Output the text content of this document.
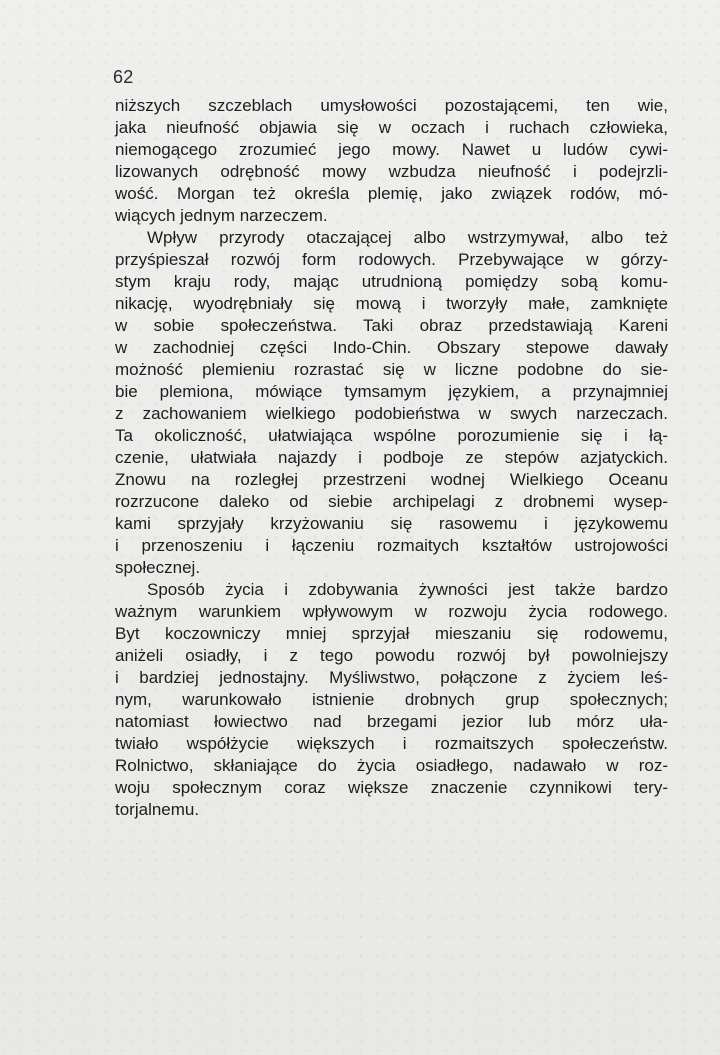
62
niższych szczeblach umysłowości pozostającemi, ten wie,
jaka nieufność objawia się w oczach i ruchach człowieka,
niemogącego zrozumieć jego mowy. Nawet u ludów cywi-
lizowanych odrębność mowy wzbudza nieufność i podejrzli-
wość. Morgan też określa plemię, jako związek rodów, mó-
wiących jednym narzeczem.
Wpływ przyrody otaczającej albo wstrzymywał, albo też
przyśpieszał rozwój form rodowych. Przebywające w górzy-
stym kraju rody, mając utrudnioną pomiędzy sobą komu-
nikację, wyodrębniały się mową i tworzyły małe, zamknięte
w sobie społeczeństwa. Taki obraz przedstawiają Kareni
w zachodniej części Indo-Chin. Obszary stepowe dawały
możność plemieniu rozrastać się w liczne podobne do sie-
bie plemiona, mówiące tymsamym językiem, a przynajmniej
z zachowaniem wielkiego podobieństwa w swych narzeczach.
Ta okoliczność, ułatwiająca wspólne porozumienie się i łą-
czenie, ułatwiała najazdy i podboje ze stepów azjatyckich.
Znowu na rozległej przestrzeni wodnej Wielkiego Oceanu
rozrzucone daleko od siebie archipelagi z drobnemi wysep-
kami sprzyjały krzyżowaniu się rasowemu i językowemu
i przenoszeniu i łączeniu rozmaitych kształtów ustrojowości
społecznej.
Sposób życia i zdobywania żywności jest także bardzo
ważnym warunkiem wpływowym w rozwoju życia rodowego.
Byt koczowniczy mniej sprzyjał mieszaniu się rodowemu,
aniżeli osiadły, i z tego powodu rozwój był powolniejszy
i bardziej jednostajny. Myśliwstwo, połączone z życiem leś-
nym, warunkowało istnienie drobnych grup społecznych;
natomiast łowiectwo nad brzegami jezior lub mórz uła-
twiało współżycie większych i rozmaitszych społeczeństw.
Rolnictwo, skłaniające do życia osiadłego, nadawało w roz-
woju społecznym coraz większe znaczenie czynnikowi tery-
torjalnemu.
